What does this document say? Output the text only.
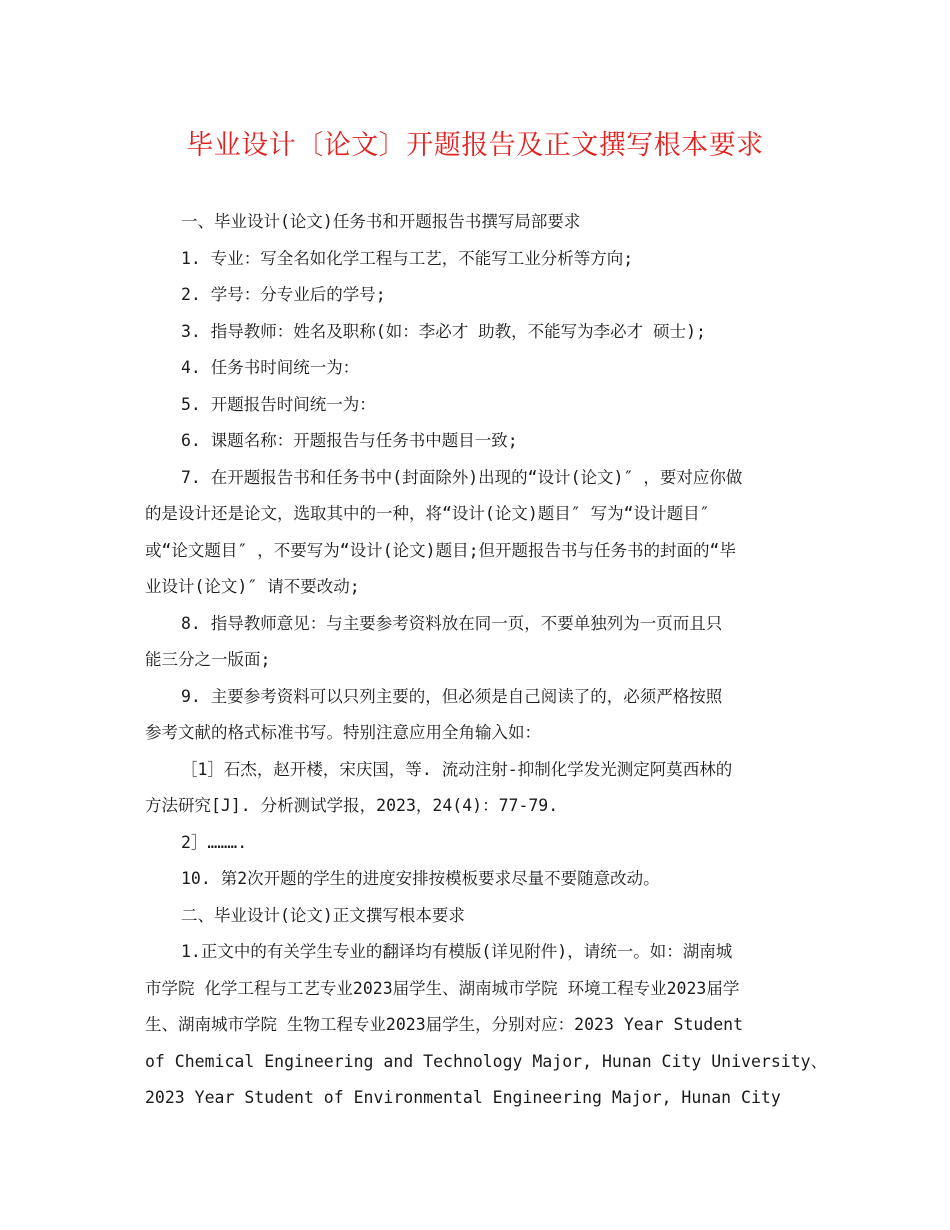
毕业设计〔论文〕开题报告及正文撰写根本要求
一、毕业设计(论文)任务书和开题报告书撰写局部要求
1. 专业：写全名如化学工程与工艺，不能写工业分析等方向;
2. 学号：分专业后的学号;
3. 指导教师：姓名及职称(如：李必才 助教，不能写为李必才 硕士);
4. 任务书时间统一为：
5. 开题报告时间统一为：
6. 课题名称：开题报告与任务书中题目一致;
7. 在开题报告书和任务书中(封面除外)出现的“设计(论文)″ ，要对应你做
的是设计还是论文，选取其中的一种，将“设计(论文)题目″ 写为“设计题目″
或“论文题目″ ，不要写为“设计(论文)题目;但开题报告书与任务书的封面的“毕
业设计(论文)″ 请不要改动;
8. 指导教师意见：与主要参考资料放在同一页，不要单独列为一页而且只
能三分之一版面;
9. 主要参考资料可以只列主要的，但必须是自己阅读了的，必须严格按照
参考文献的格式标准书写。特别注意应用全角输入如：
［1］石杰，赵开楼，宋庆国，等. 流动注射-抑制化学发光测定阿莫西林的
方法研究[J]. 分析测试学报，2023，24(4)：77-79.
2］……….
10. 第2次开题的学生的进度安排按模板要求尽量不要随意改动。
二、毕业设计(论文)正文撰写根本要求
1.正文中的有关学生专业的翻译均有模版(详见附件)，请统一。如：湖南城
市学院 化学工程与工艺专业2023届学生、湖南城市学院 环境工程专业2023届学
生、湖南城市学院 生物工程专业2023届学生，分别对应：2023 Year Student
of Chemical Engineering and Technology Major, Hunan City University、
2023 Year Student of Environmental Engineering Major, Hunan City
